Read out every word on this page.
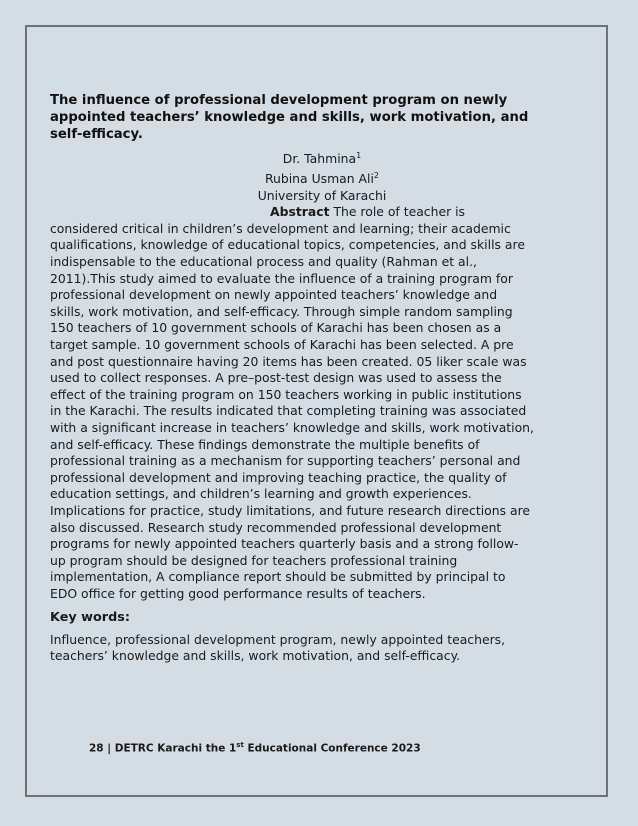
The influence of professional development program on newly appointed teachers’ knowledge and skills, work motivation, and self-efficacy.

Dr. Tahmina$^1$
Rubina Usman Ali$^2$
University of Karachi

Abstract The role of teacher is considered critical in children’s development and learning; their academic qualifications, knowledge of educational topics, competencies, and skills are indispensable to the educational process and quality (Rahman et al., 2011).This study aimed to evaluate the influence of a training program for professional development on newly appointed teachers’ knowledge and skills, work motivation, and self-efficacy. Through simple random sampling 150 teachers of 10 government schools of Karachi has been chosen as a target sample. 10 government schools of Karachi has been selected. A pre and post questionnaire having 20 items has been created. 05 liker scale was used to collect responses. A pre–post-test design was used to assess the effect of the training program on 150 teachers working in public institutions in the Karachi. The results indicated that completing training was associated with a significant increase in teachers’ knowledge and skills, work motivation, and self-efficacy. These findings demonstrate the multiple benefits of professional training as a mechanism for supporting teachers’ personal and professional development and improving teaching practice, the quality of education settings, and children’s learning and growth experiences. Implications for practice, study limitations, and future research directions are also discussed. Research study recommended professional development programs for newly appointed teachers quarterly basis and a strong follow-up program should be designed for teachers professional training implementation, A compliance report should be submitted by principal to EDO office for getting good performance results of teachers.

Key words:
Influence, professional development program, newly appointed teachers, teachers’ knowledge and skills, work motivation, and self-efficacy.
28 | DETRC Karachi the 1st Educational Conference 2023
